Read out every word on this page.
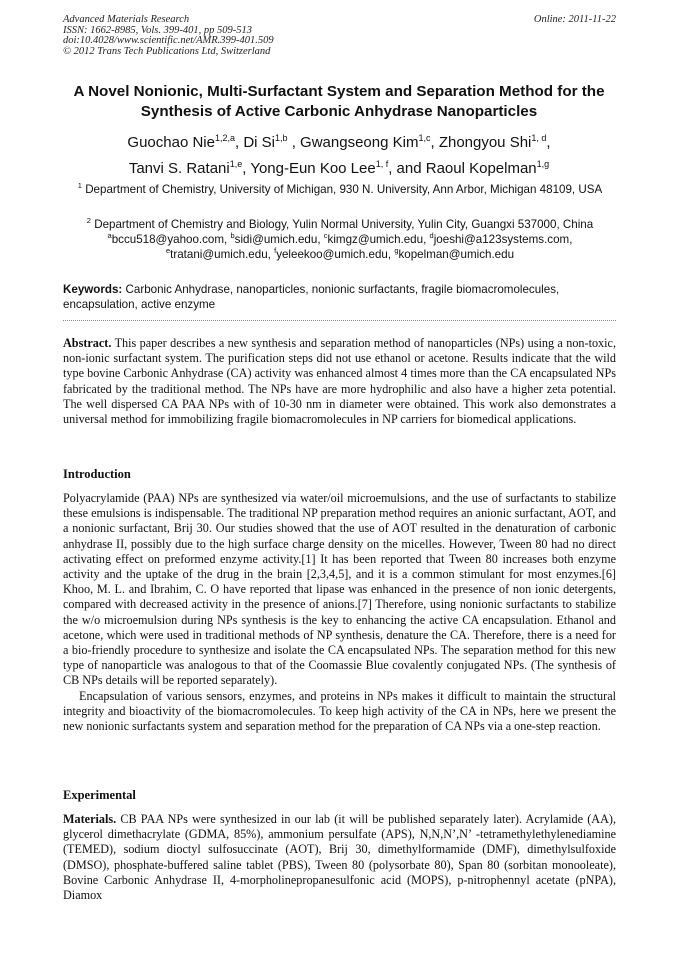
Advanced Materials Research
ISSN: 1662-8985, Vols. 399-401, pp 509-513
doi:10.4028/www.scientific.net/AMR.399-401.509
© 2012 Trans Tech Publications Ltd, Switzerland
Online: 2011-11-22
A Novel Nonionic, Multi-Surfactant System and Separation Method for the Synthesis of Active Carbonic Anhydrase Nanoparticles
Guochao Nie$^{1,2,a}$, Di Si$^{1,b}$ , Gwangseong Kim$^{1,c}$, Zhongyou Shi$^{1, d}$,
Tanvi S. Ratani$^{1,e}$, Yong-Eun Koo Lee$^{1, f}$, and Raoul Kopelman$^{1,g}$
$^1$ Department of Chemistry, University of Michigan, 930 N. University, Ann Arbor, Michigan 48109, USA
$^2$ Department of Chemistry and Biology, Yulin Normal University, Yulin City, Guangxi 537000, China
$^a$bccu518@yahoo.com, $^b$sidi@umich.edu, $^c$kimgz@umich.edu, $^d$joeshi@a123systems.com,
$^e$tratani@umich.edu, $^f$yeleekoo@umich.edu, $^g$kopelman@umich.edu
Keywords: Carbonic Anhydrase, nanoparticles, nonionic surfactants, fragile biomacromolecules, encapsulation, active enzyme
Abstract. This paper describes a new synthesis and separation method of nanoparticles (NPs) using a non-toxic, non-ionic surfactant system. The purification steps did not use ethanol or acetone. Results indicate that the wild type bovine Carbonic Anhydrase (CA) activity was enhanced almost 4 times more than the CA encapsulated NPs fabricated by the traditional method. The NPs have are more hydrophilic and also have a higher zeta potential. The well dispersed CA PAA NPs with of 10-30 nm in diameter were obtained. This work also demonstrates a universal method for immobilizing fragile biomacromolecules in NP carriers for biomedical applications.
Introduction

Polyacrylamide (PAA) NPs are synthesized via water/oil microemulsions, and the use of surfactants to stabilize these emulsions is indispensable. The traditional NP preparation method requires an anionic surfactant, AOT, and a nonionic surfactant, Brij 30. Our studies showed that the use of AOT resulted in the denaturation of carbonic anhydrase II, possibly due to the high surface charge density on the micelles. However, Tween 80 had no direct activating effect on preformed enzyme activity.[1] It has been reported that Tween 80 increases both enzyme activity and the uptake of the drug in the brain [2,3,4,5], and it is a common stimulant for most enzymes.[6] Khoo, M. L. and Ibrahim, C. O have reported that lipase was enhanced in the presence of non ionic detergents, compared with decreased activity in the presence of anions.[7] Therefore, using nonionic surfactants to stabilize the w/o microemulsion during NPs synthesis is the key to enhancing the active CA encapsulation. Ethanol and acetone, which were used in traditional methods of NP synthesis, denature the CA. Therefore, there is a need for a bio-friendly procedure to synthesize and isolate the CA encapsulated NPs. The separation method for this new type of nanoparticle was analogous to that of the Coomassie Blue covalently conjugated NPs. (The synthesis of CB NPs details will be reported separately).

Encapsulation of various sensors, enzymes, and proteins in NPs makes it difficult to maintain the structural integrity and bioactivity of the biomacromolecules. To keep high activity of the CA in NPs, here we present the new nonionic surfactants system and separation method for the preparation of CA NPs via a one-step reaction.

Experimental
Materials. CB PAA NPs were synthesized in our lab (it will be published separately later). Acrylamide (AA), glycerol dimethacrylate (GDMA, 85%), ammonium persulfate (APS), N,N,N’,N’ -tetramethylethylenediamine (TEMED), sodium dioctyl sulfosuccinate (AOT), Brij 30, dimethylformamide (DMF), dimethylsulfoxide (DMSO), phosphate-buffered saline tablet (PBS), Tween 80 (polysorbate 80), Span 80 (sorbitan monooleate), Bovine Carbonic Anhydrase II, 4-morpholinepropanesulfonic acid (MOPS), p-nitrophennyl acetate (pNPA), Diamox
